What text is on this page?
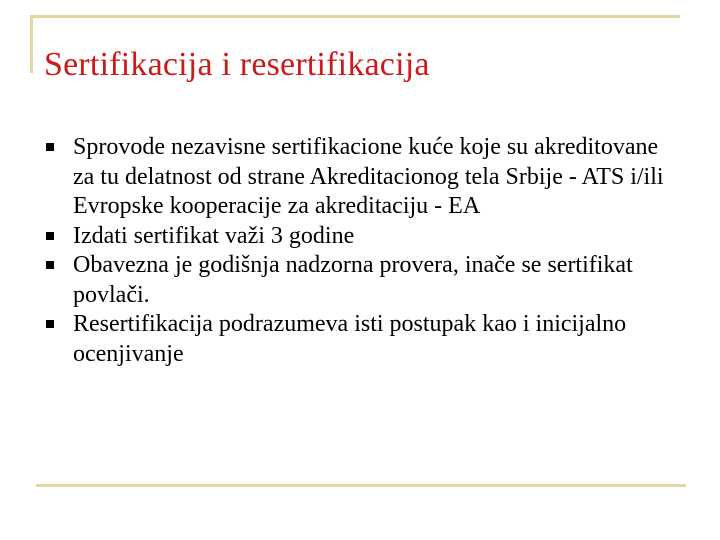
Sertifikacija i resertifikacija
Sprovode nezavisne sertifikacione kuće koje su akreditovane za tu delatnost od strane Akreditacionog tela Srbije - ATS i/ili Evropske kooperacije za akreditaciju - EA
Izdati sertifikat važi 3 godine
Obavezna je godišnja nadzorna provera, inače se sertifikat povlači.
Resertifikacija podrazumeva isti postupak kao i inicijalno ocenjivanje
